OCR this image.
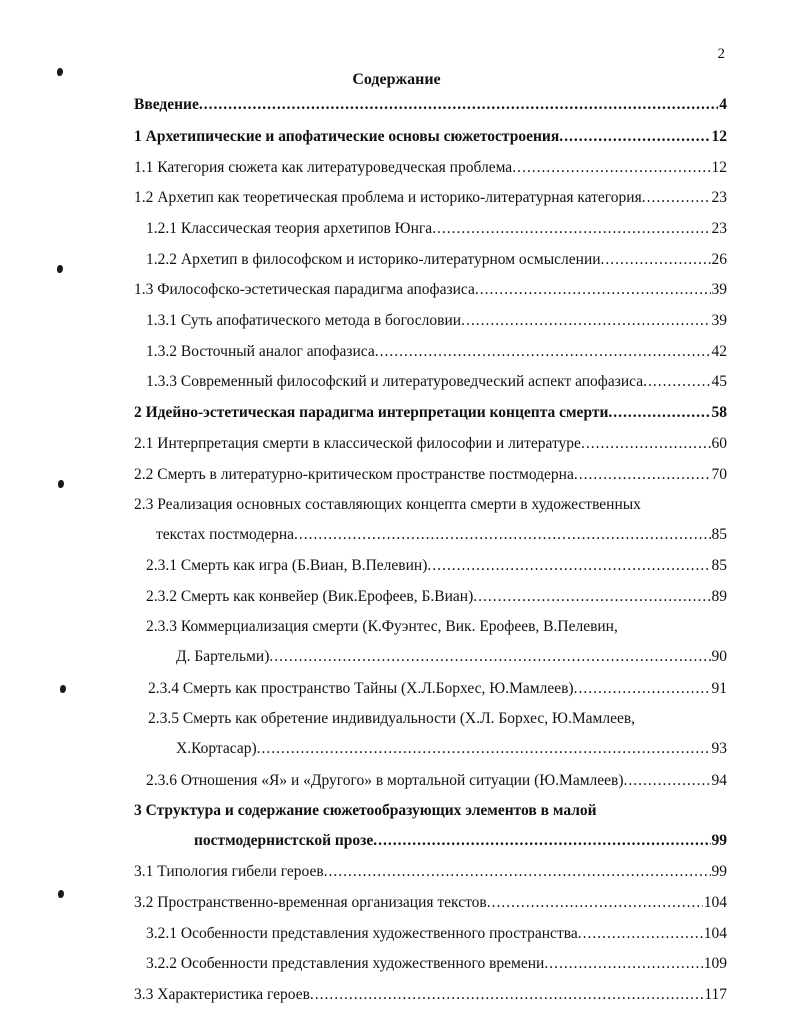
2
Содержание
Введение .....	4
1 Архетипические и апофатические основы сюжетостроения .....	12
1.1 Категория сюжета как литературоведческая проблема .....	12
1.2 Архетип как теоретическая проблема и историко-литературная категория .....	23
1.2.1 Классическая теория архетипов Юнга .....	23
1.2.2 Архетип в философском и историко-литературном осмыслении .....	26
1.3 Философско-эстетическая парадигма апофазиса .....	39
1.3.1 Суть апофатического метода в богословии .....	39
1.3.2 Восточный аналог апофазиса .....	42
1.3.3 Современный философский и литературоведческий аспект апофазиса .....	45
2 Идейно-эстетическая парадигма интерпретации концепта смерти .....	58
2.1 Интерпретация смерти в классической философии и литературе .....	60
2.2 Смерть в литературно-критическом пространстве постмодерна .....	70
2.3 Реализация основных составляющих концепта смерти в художественных
текстах постмодерна .....	85
2.3.1 Смерть как игра (Б.Виан, В.Пелевин) .....	85
2.3.2 Смерть как конвейер (Вик.Ерофеев, Б.Виан) .....	89
2.3.3 Коммерциализация смерти (К.Фуэнтес, Вик. Ерофеев, В.Пелевин,
Д. Бартельми) .....	90
2.3.4 Смерть как пространство Тайны (Х.Л.Борхес, Ю.Мамлеев) .....	91
2.3.5 Смерть как обретение индивидуальности (Х.Л. Борхес, Ю.Мамлеев,
Х.Кортасар) .....	93
2.3.6 Отношения «Я» и «Другого» в мортальной ситуации (Ю.Мамлеев) .....	94
3 Структура и содержание сюжетообразующих элементов в малой
постмодернистской прозе .....	99
3.1 Типология гибели героев .....	99
3.2 Пространственно-временная организация текстов .....	104
3.2.1 Особенности представления художественного пространства .....	104
3.2.2 Особенности представления художественного времени .....	109
3.3 Характеристика героев .....	117
